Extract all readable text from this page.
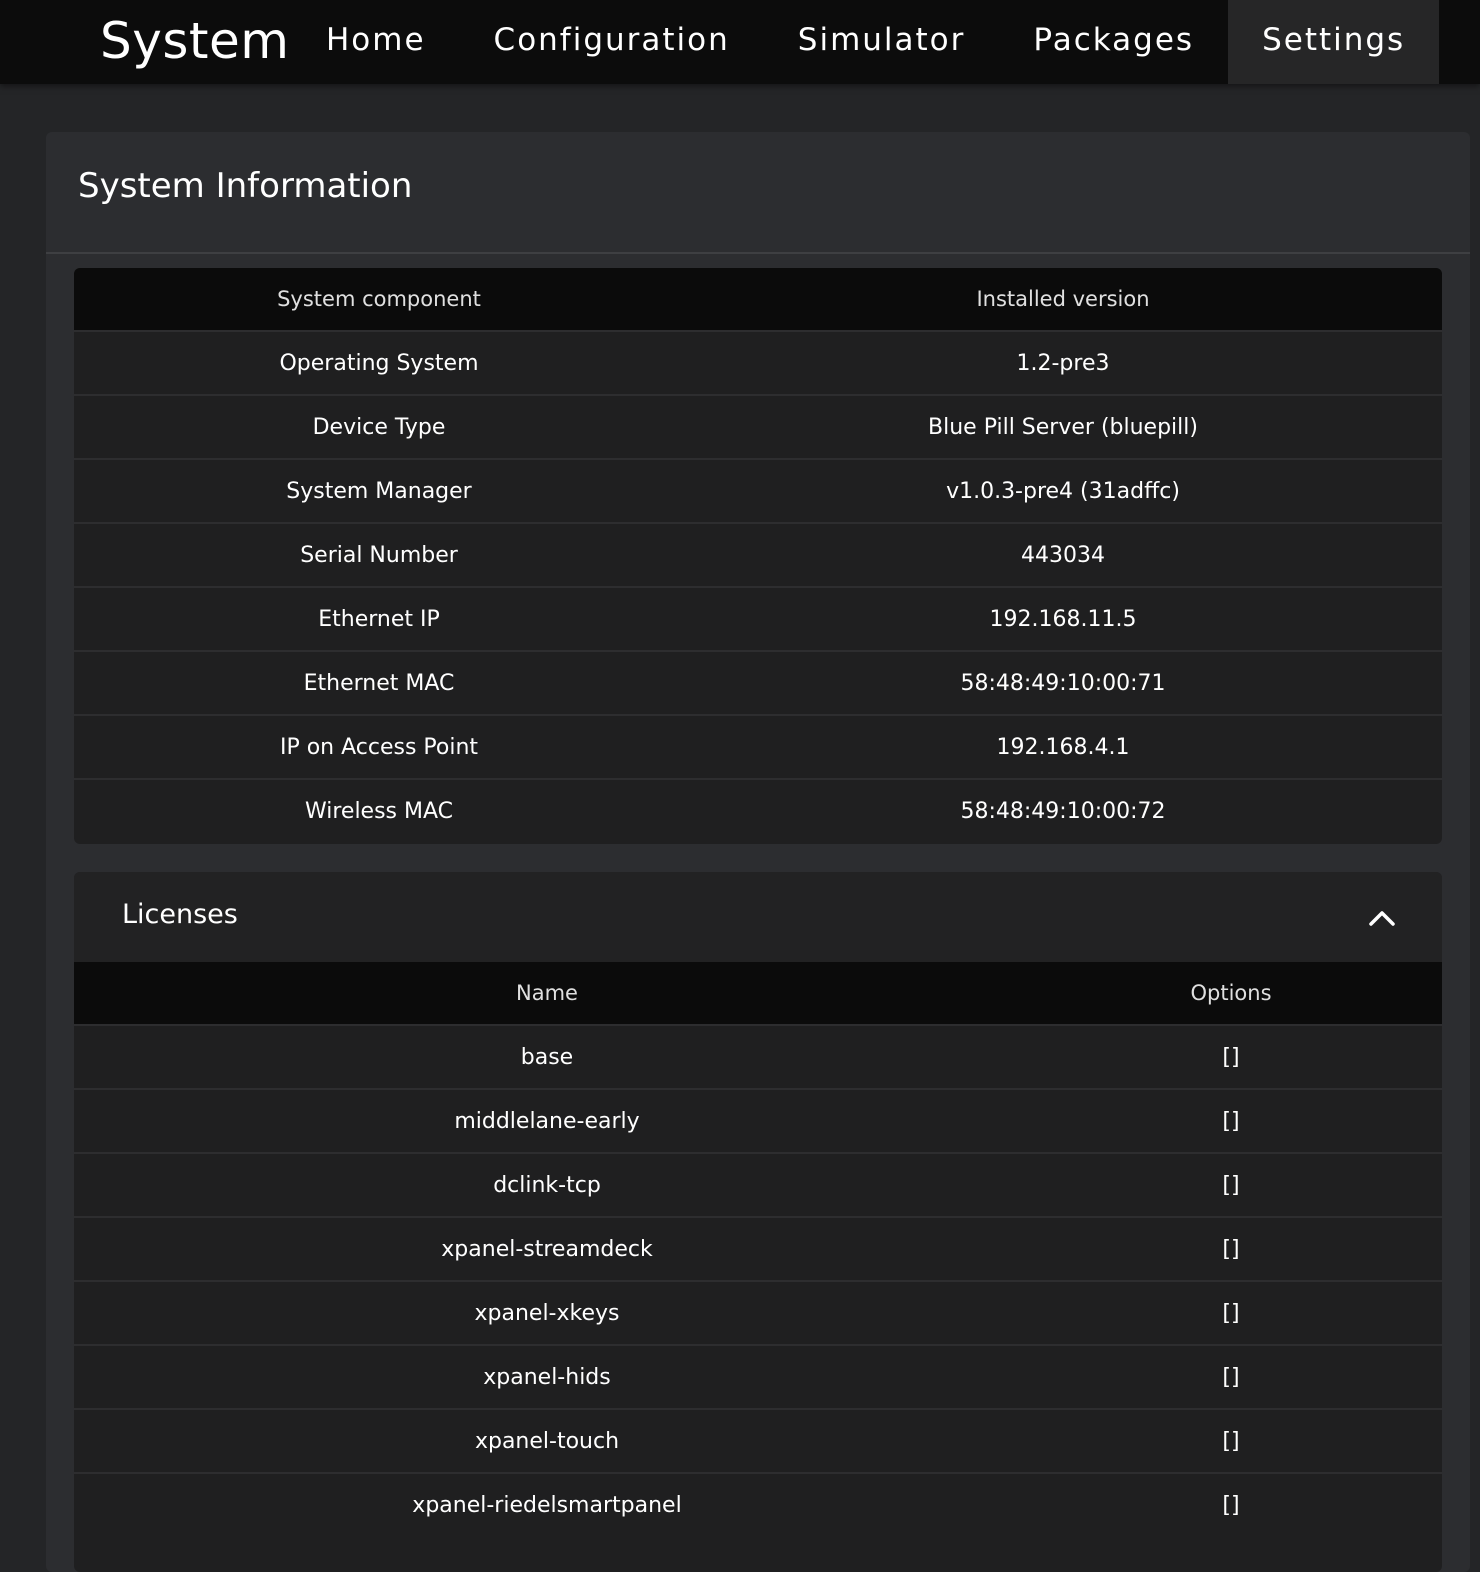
System	Home	Configuration	Simulator	Packages	Settings
System Information
System component	Installed version
Operating System	1.2-pre3
Device Type	Blue Pill Server (bluepill)
System Manager	v1.0.3-pre4 (31adffc)
Serial Number	443034
Ethernet IP	192.168.11.5
Ethernet MAC	58:48:49:10:00:71
IP on Access Point	192.168.4.1
Wireless MAC	58:48:49:10:00:72
Licenses
Name	Options
base	[]
middlelane-early	[]
dclink-tcp	[]
xpanel-streamdeck	[]
xpanel-xkeys	[]
xpanel-hids	[]
xpanel-touch	[]
xpanel-riedelsmartpanel	[]
